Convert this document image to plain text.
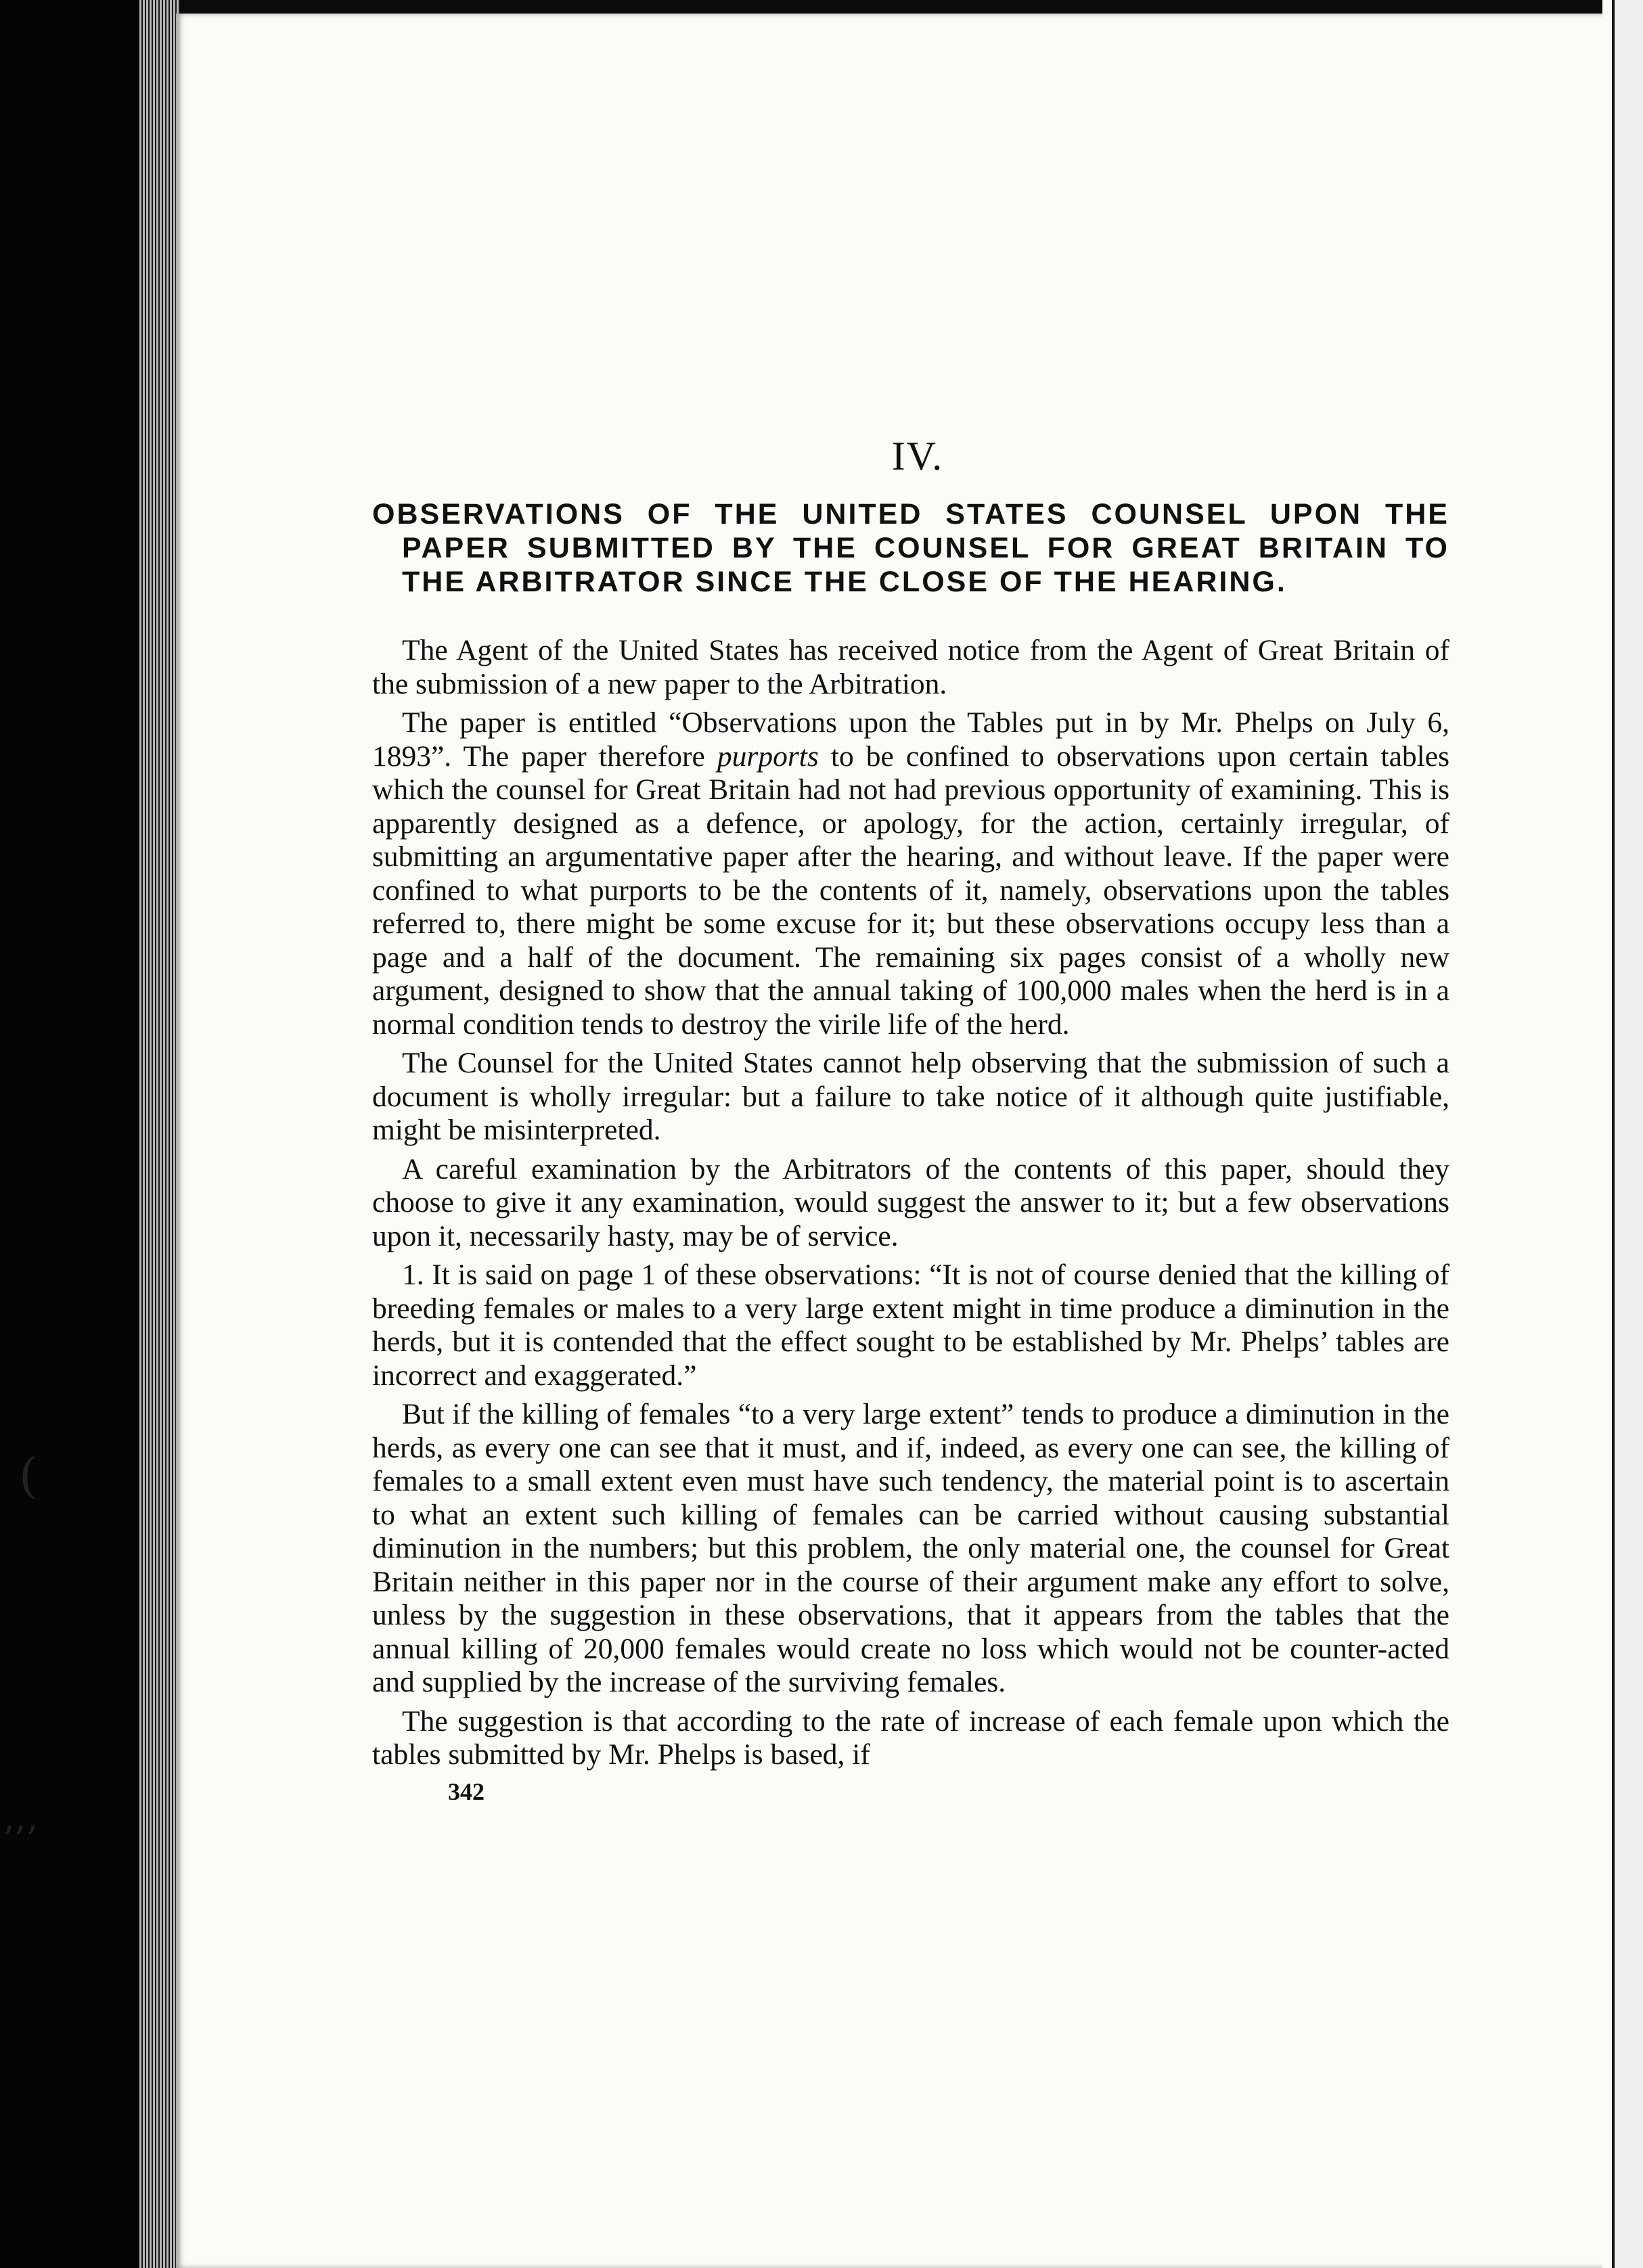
(
’’ʼ
IV.
OBSERVATIONS OF THE UNITED STATES COUNSEL UPON THE PAPER SUBMITTED BY THE COUNSEL FOR GREAT BRITAIN TO THE ARBITRATOR SINCE THE CLOSE OF THE HEARING.

The Agent of the United States has received notice from the Agent of Great Britain of the submission of a new paper to the Arbitration.

The paper is entitled “Observations upon the Tables put in by Mr. Phelps on July 6, 1893”. The paper therefore purports to be confined to observations upon certain tables which the counsel for Great Britain had not had previous opportunity of examining. This is apparently designed as a defence, or apology, for the action, certainly irregular, of submitting an argumentative paper after the hearing, and without leave. If the paper were confined to what purports to be the contents of it, namely, observations upon the tables referred to, there might be some excuse for it; but these observations occupy less than a page and a half of the document. The remaining six pages consist of a wholly new argument, designed to show that the annual taking of 100,000 males when the herd is in a normal condition tends to destroy the virile life of the herd.

The Counsel for the United States cannot help observing that the submission of such a document is wholly irregular: but a failure to take notice of it although quite justifiable, might be misinterpreted.

A careful examination by the Arbitrators of the contents of this paper, should they choose to give it any examination, would suggest the answer to it; but a few observations upon it, necessarily hasty, may be of service.

1. It is said on page 1 of these observations: “It is not of course denied that the killing of breeding females or males to a very large extent might in time produce a diminution in the herds, but it is contended that the effect sought to be established by Mr. Phelps’ tables are incorrect and exaggerated.”

But if the killing of females “to a very large extent” tends to produce a diminution in the herds, as every one can see that it must, and if, indeed, as every one can see, the killing of females to a small extent even must have such tendency, the material point is to ascertain to what an extent such killing of females can be carried without causing substantial diminution in the numbers; but this problem, the only material one, the counsel for Great Britain neither in this paper nor in the course of their argument make any effort to solve, unless by the suggestion in these observations, that it appears from the tables that the annual killing of 20,000 females would create no loss which would not be counter-acted and supplied by the increase of the surviving females.

The suggestion is that according to the rate of increase of each female upon which the tables submitted by Mr. Phelps is based, if

342
